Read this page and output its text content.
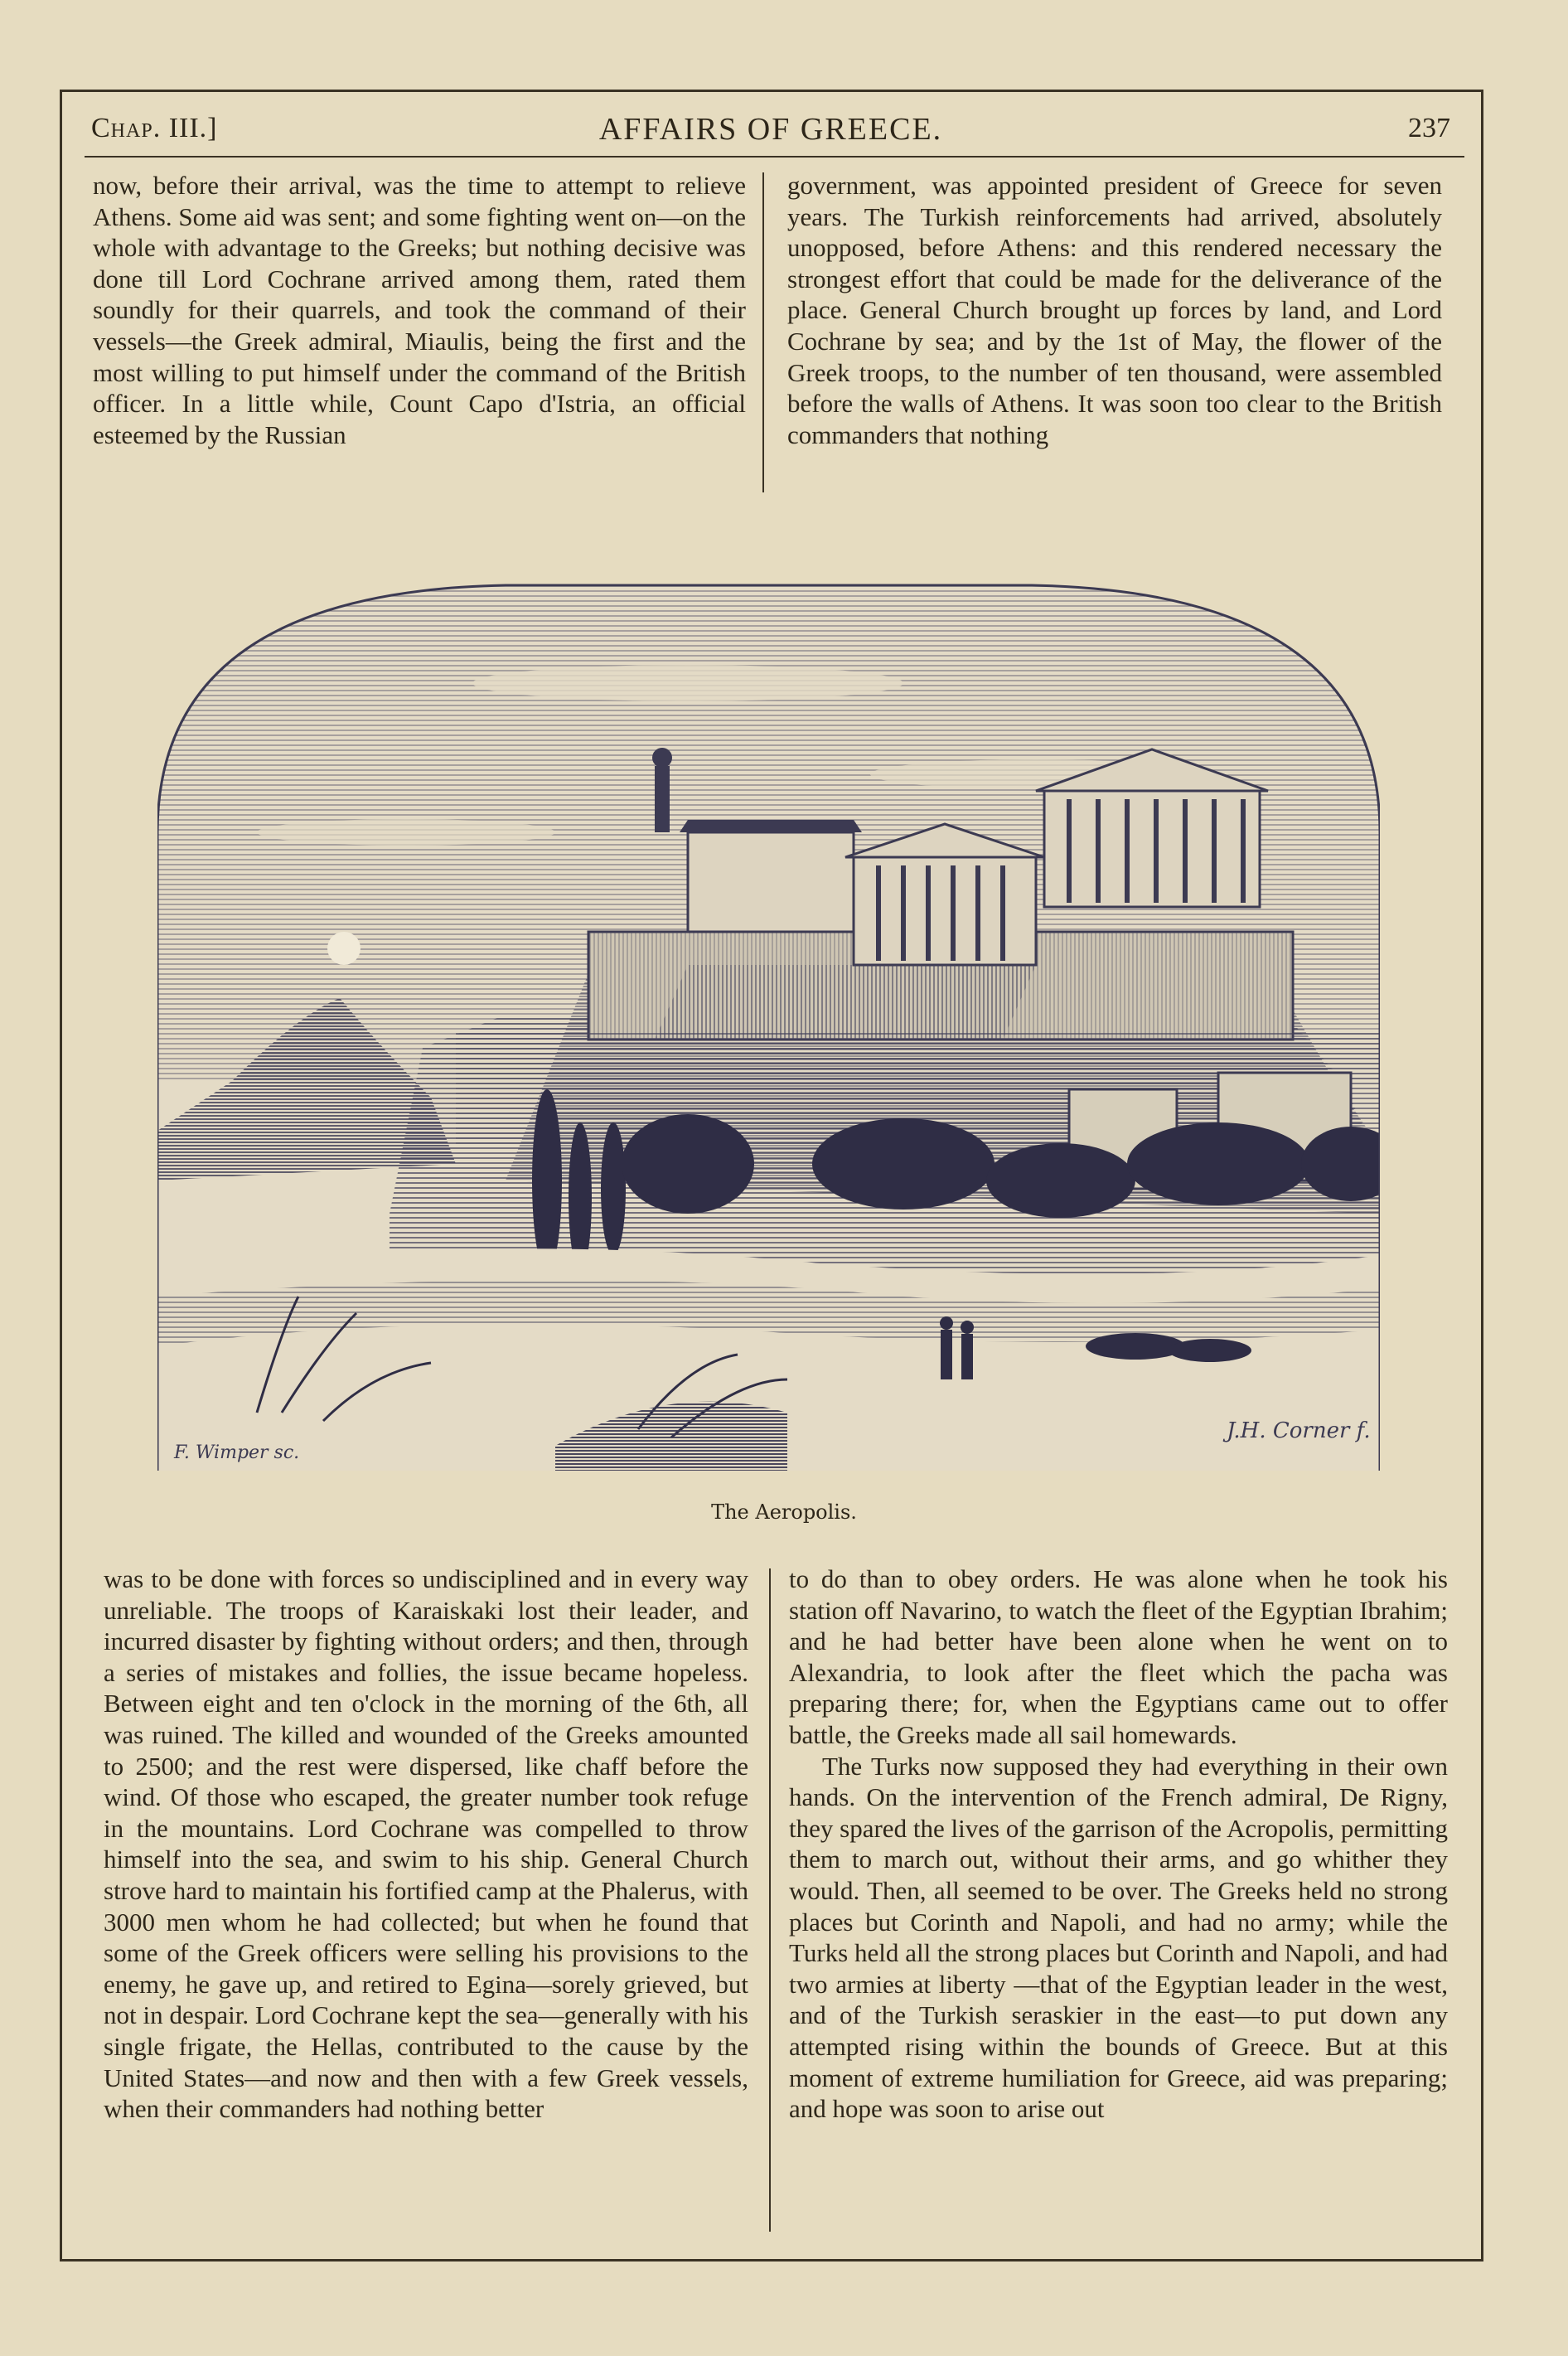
Chap. III.]	AFFAIRS OF GREECE.	237

now, before their arrival, was the time to attempt to relieve Athens. Some aid was sent; and some fighting went on—on the whole with advantage to the Greeks; but nothing decisive was done till Lord Cochrane arrived among them, rated them soundly for their quarrels, and took the command of their vessels—the Greek admiral, Miaulis, being the first and the most willing to put himself under the command of the British officer. In a little while, Count Capo d'Istria, an official esteemed by the Russian

government, was appointed president of Greece for seven years. The Turkish reinforcements had arrived, absolutely unopposed, before Athens: and this rendered necessary the strongest effort that could be made for the deliverance of the place. General Church brought up forces by land, and Lord Cochrane by sea; and by the 1st of May, the flower of the Greek troops, to the number of ten thousand, were assembled before the walls of Athens. It was soon too clear to the British commanders that nothing

F. Wimper sc.
J.H. Corner f.
The Aeropolis.

was to be done with forces so undisciplined and in every way unreliable. The troops of Karaiskaki lost their leader, and incurred disaster by fighting without orders; and then, through a series of mistakes and follies, the issue became hopeless. Between eight and ten o'clock in the morning of the 6th, all was ruined. The killed and wounded of the Greeks amounted to 2500; and the rest were dispersed, like chaff before the wind. Of those who escaped, the greater number took refuge in the mountains. Lord Cochrane was compelled to throw himself into the sea, and swim to his ship. General Church strove hard to maintain his fortified camp at the Phalerus, with 3000 men whom he had collected; but when he found that some of the Greek officers were selling his provisions to the enemy, he gave up, and retired to Egina—sorely grieved, but not in despair. Lord Cochrane kept the sea—generally with his single frigate, the Hellas, contributed to the cause by the United States—and now and then with a few Greek vessels, when their commanders had nothing better

to do than to obey orders. He was alone when he took his station off Navarino, to watch the fleet of the Egyptian Ibrahim; and he had better have been alone when he went on to Alexandria, to look after the fleet which the pacha was preparing there; for, when the Egyptians came out to offer battle, the Greeks made all sail homewards.

The Turks now supposed they had everything in their own hands. On the intervention of the French admiral, De Rigny, they spared the lives of the garrison of the Acropolis, permitting them to march out, without their arms, and go whither they would. Then, all seemed to be over. The Greeks held no strong places but Corinth and Napoli, and had no army; while the Turks held all the strong places but Corinth and Napoli, and had two armies at liberty —that of the Egyptian leader in the west, and of the Turkish seraskier in the east—to put down any attempted rising within the bounds of Greece. But at this moment of extreme humiliation for Greece, aid was preparing; and hope was soon to arise out
